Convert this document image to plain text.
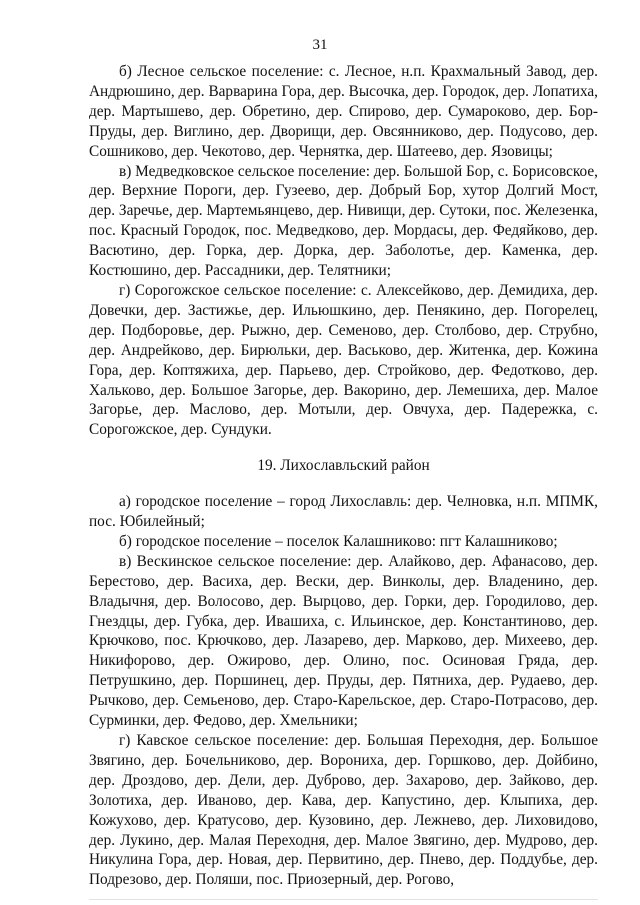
31

б) Лесное сельское поселение: с. Лесное, н.п. Крахмальный Завод, дер. Андрюшино, дер. Варварина Гора, дер. Высочка, дер. Городок, дер. Лопатиха, дер. Мартышево, дер. Обретино, дер. Спирово, дер. Сумароково, дер. Бор-Пруды, дер. Виглино, дер. Дворищи, дер. Овсянниково, дер. Подусово, дер. Сошниково, дер. Чекотово, дер. Чернятка, дер. Шатеево, дер. Язовицы;

в) Медведковское сельское поселение: дер. Большой Бор, с. Борисовское, дер. Верхние Пороги, дер. Гузеево, дер. Добрый Бор, хутор Долгий Мост, дер. Заречье, дер. Мартемьянцево, дер. Нивищи, дер. Сутоки, пос. Железенка, пос. Красный Городок, пос. Медведково, дер. Мордасы, дер. Федяйково, дер. Васютино, дер. Горка, дер. Дорка, дер. Заболотье, дер. Каменка, дер. Костюшино, дер. Рассадники, дер. Телятники;

г) Сорогожское сельское поселение: с. Алексейково, дер. Демидиха, дер. Довечки, дер. Застижье, дер. Ильюшкино, дер. Пенякино, дер. Погорелец, дер. Подборовье, дер. Рыжно, дер. Семеново, дер. Столбово, дер. Струбно, дер. Андрейково, дер. Бирюльки, дер. Васьково, дер. Житенка, дер. Кожина Гора, дер. Коптяжиха, дер. Парьево, дер. Стройково, дер. Федотково, дер. Хальково, дер. Большое Загорье, дер. Вакорино, дер. Лемешиха, дер. Малое Загорье, дер. Маслово, дер. Мотыли, дер. Овчуха, дер. Падережка, с. Сорогожское, дер. Сундуки.

19. Лихославльский район

а) городское поселение – город Лихославль: дер. Челновка, н.п. МПМК, пос. Юбилейный;

б) городское поселение – поселок Калашниково: пгт Калашниково;

в) Вескинское сельское поселение: дер. Алайково, дер. Афанасово, дер. Берестово, дер. Васиха, дер. Вески, дер. Винколы, дер. Владенино, дер. Владычня, дер. Волосово, дер. Вырцово, дер. Горки, дер. Городилово, дер. Гнездцы, дер. Губка, дер. Ивашиха, с. Ильинское, дер. Константиново, дер. Крючково, пос. Крючково, дер. Лазарево, дер. Марково, дер. Михеево, дер. Никифорово, дер. Ожирово, дер. Олино, пос. Осиновая Гряда, дер. Петрушкино, дер. Поршинец, дер. Пруды, дер. Пятниха, дер. Рудаево, дер. Рычково, дер. Семьеново, дер. Старо-Карельское, дер. Старо-Потрасово, дер. Сурминки, дер. Федово, дер. Хмельники;

г) Кавское сельское поселение: дер. Большая Переходня, дер. Большое Звягино, дер. Бочельниково, дер. Ворониха, дер. Горшково, дер. Дойбино, дер. Дроздово, дер. Дели, дер. Дуброво, дер. Захарово, дер. Зайково, дер. Золотиха, дер. Иваново, дер. Кава, дер. Капустино, дер. Клыпиха, дер. Кожухово, дер. Кратусово, дер. Кузовино, дер. Лежнево, дер. Лиховидово, дер. Лукино, дер. Малая Переходня, дер. Малое Звягино, дер. Мудрово, дер. Никулина Гора, дер. Новая, дер. Первитино, дер. Пнево, дер. Поддубье, дер. Подрезово, дер. Поляши, пос. Приозерный, дер. Рогово,
